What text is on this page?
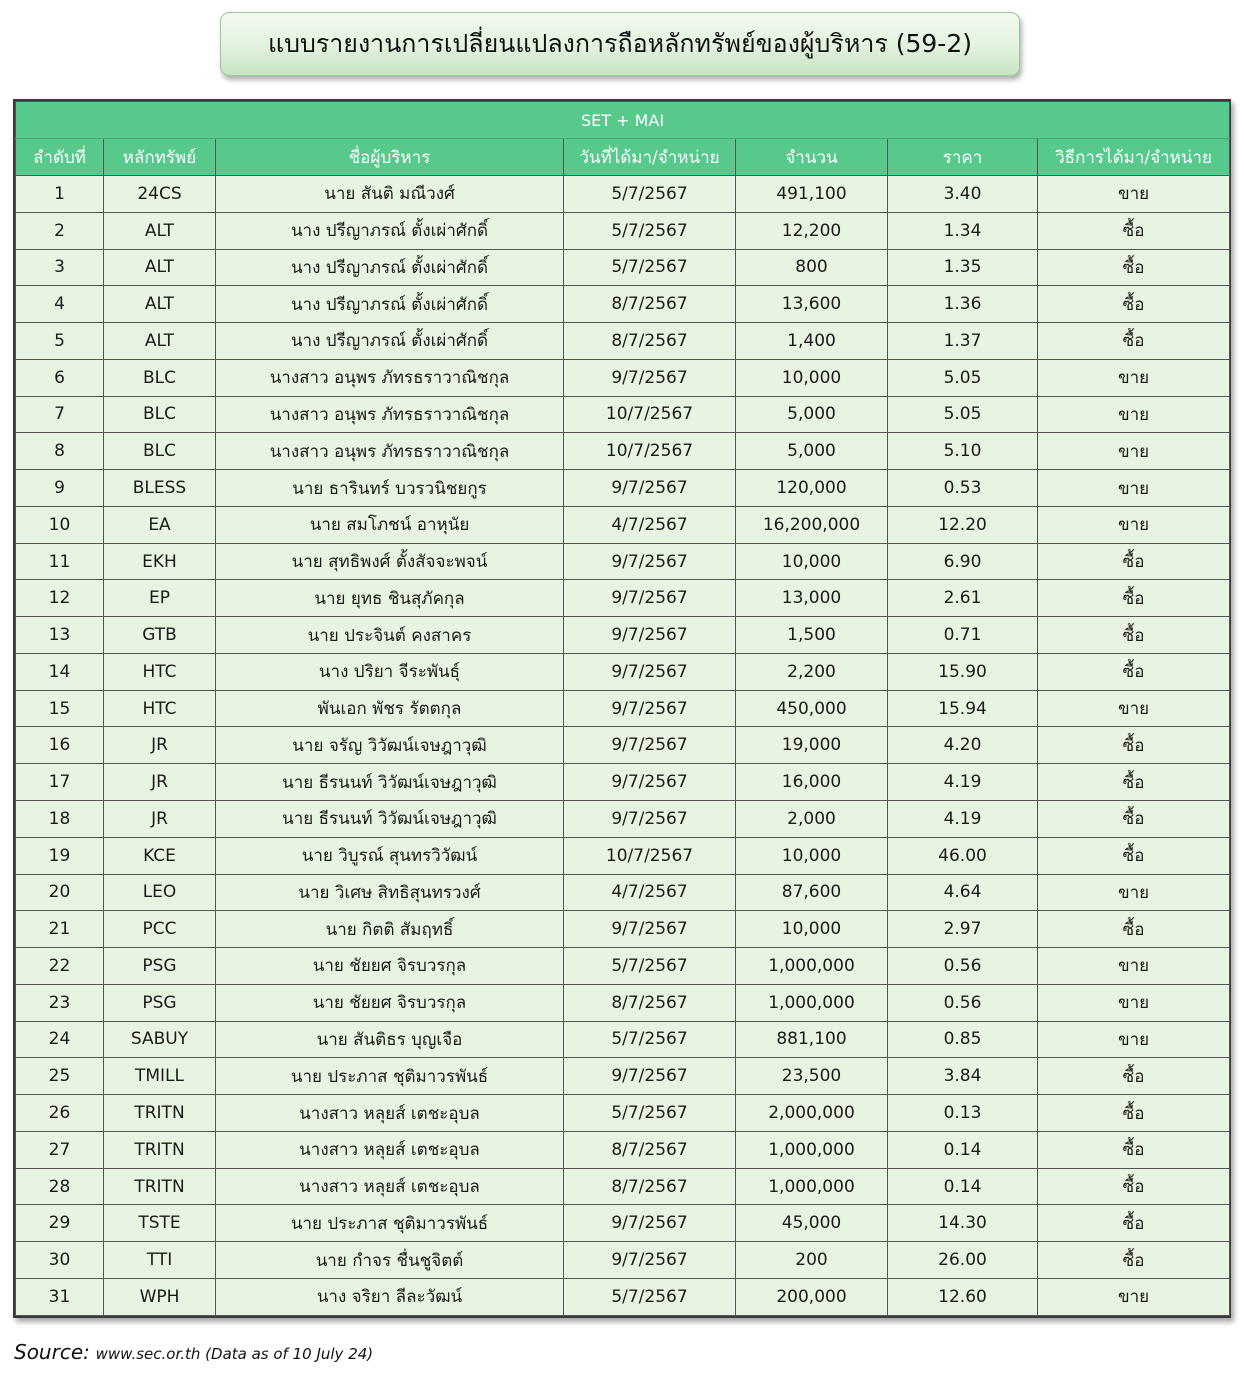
แบบรายงานการเปลี่ยนแปลงการถือหลักทรัพย์ของผู้บริหาร (59-2)
SET + MAI						
ลำดับที่	หลักทรัพย์	ชื่อผู้บริหาร	วันที่ได้มา/จำหน่าย	จำนวน	ราคา	วิธีการได้มา/จำหน่าย
1	24CS	นาย สันติ มณีวงศ์	5/7/2567	491,100	3.40	ขาย
2	ALT	นาง ปรีญาภรณ์ ตั้งเผ่าศักดิ์	5/7/2567	12,200	1.34	ซื้อ
3	ALT	นาง ปรีญาภรณ์ ตั้งเผ่าศักดิ์	5/7/2567	800	1.35	ซื้อ
4	ALT	นาง ปรีญาภรณ์ ตั้งเผ่าศักดิ์	8/7/2567	13,600	1.36	ซื้อ
5	ALT	นาง ปรีญาภรณ์ ตั้งเผ่าศักดิ์	8/7/2567	1,400	1.37	ซื้อ
6	BLC	นางสาว อนุพร ภัทรธราวาณิชกุล	9/7/2567	10,000	5.05	ขาย
7	BLC	นางสาว อนุพร ภัทรธราวาณิชกุล	10/7/2567	5,000	5.05	ขาย
8	BLC	นางสาว อนุพร ภัทรธราวาณิชกุล	10/7/2567	5,000	5.10	ขาย
9	BLESS	นาย ธารินทร์ บวรวนิชยกูร	9/7/2567	120,000	0.53	ขาย
10	EA	นาย สมโภชน์ อาหุนัย	4/7/2567	16,200,000	12.20	ขาย
11	EKH	นาย สุทธิพงศ์ ตั้งสัจจะพจน์	9/7/2567	10,000	6.90	ซื้อ
12	EP	นาย ยุทธ ชินสุภัคกุล	9/7/2567	13,000	2.61	ซื้อ
13	GTB	นาย ประจินต์ คงสาคร	9/7/2567	1,500	0.71	ซื้อ
14	HTC	นาง ปริยา จีระพันธุ์	9/7/2567	2,200	15.90	ซื้อ
15	HTC	พันเอก พัชร รัตตกุล	9/7/2567	450,000	15.94	ขาย
16	JR	นาย จรัญ วิวัฒน์เจษฎาวุฒิ	9/7/2567	19,000	4.20	ซื้อ
17	JR	นาย ธีรนนท์ วิวัฒน์เจษฎาวุฒิ	9/7/2567	16,000	4.19	ซื้อ
18	JR	นาย ธีรนนท์ วิวัฒน์เจษฎาวุฒิ	9/7/2567	2,000	4.19	ซื้อ
19	KCE	นาย วิบูรณ์ สุนทรวิวัฒน์	10/7/2567	10,000	46.00	ซื้อ
20	LEO	นาย วิเศษ สิทธิสุนทรวงศ์	4/7/2567	87,600	4.64	ขาย
21	PCC	นาย กิตติ สัมฤทธิ์	9/7/2567	10,000	2.97	ซื้อ
22	PSG	นาย ชัยยศ จิรบวรกุล	5/7/2567	1,000,000	0.56	ขาย
23	PSG	นาย ชัยยศ จิรบวรกุล	8/7/2567	1,000,000	0.56	ขาย
24	SABUY	นาย สันติธร บุญเจือ	5/7/2567	881,100	0.85	ขาย
25	TMILL	นาย ประภาส ชุติมาวรพันธ์	9/7/2567	23,500	3.84	ซื้อ
26	TRITN	นางสาว หลุยส์ เตชะอุบล	5/7/2567	2,000,000	0.13	ซื้อ
27	TRITN	นางสาว หลุยส์ เตชะอุบล	8/7/2567	1,000,000	0.14	ซื้อ
28	TRITN	นางสาว หลุยส์ เตชะอุบล	8/7/2567	1,000,000	0.14	ซื้อ
29	TSTE	นาย ประภาส ชุติมาวรพันธ์	9/7/2567	45,000	14.30	ซื้อ
30	TTI	นาย กำจร ชื่นชูจิตต์	9/7/2567	200	26.00	ซื้อ
31	WPH	นาง จริยา ลีละวัฒน์	5/7/2567	200,000	12.60	ขาย
Source: www.sec.or.th (Data as of 10 July 24)
